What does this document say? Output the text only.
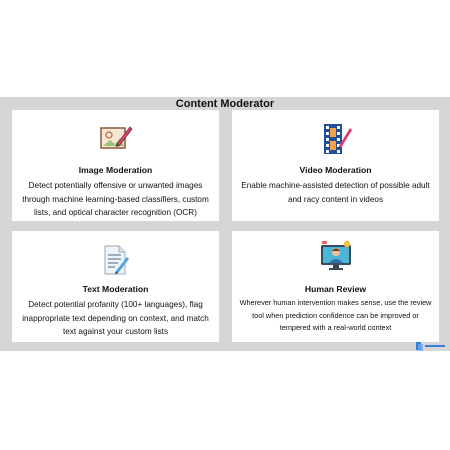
Content Moderator
Image Moderation

Detect potentially offensive or unwanted images through machine learning-based classifiers, custom lists, and optical character recognition (OCR)

Video Moderation

Enable machine-assisted detection of possible adult and racy content in videos

Text Moderation

Detect potential profanity (100+ languages), flag inappropriate text depending on context, and match text against your custom lists

Human Review

Wherever human intervention makes sense, use the review tool when prediction confidence can be improved or tempered with a real-world context
